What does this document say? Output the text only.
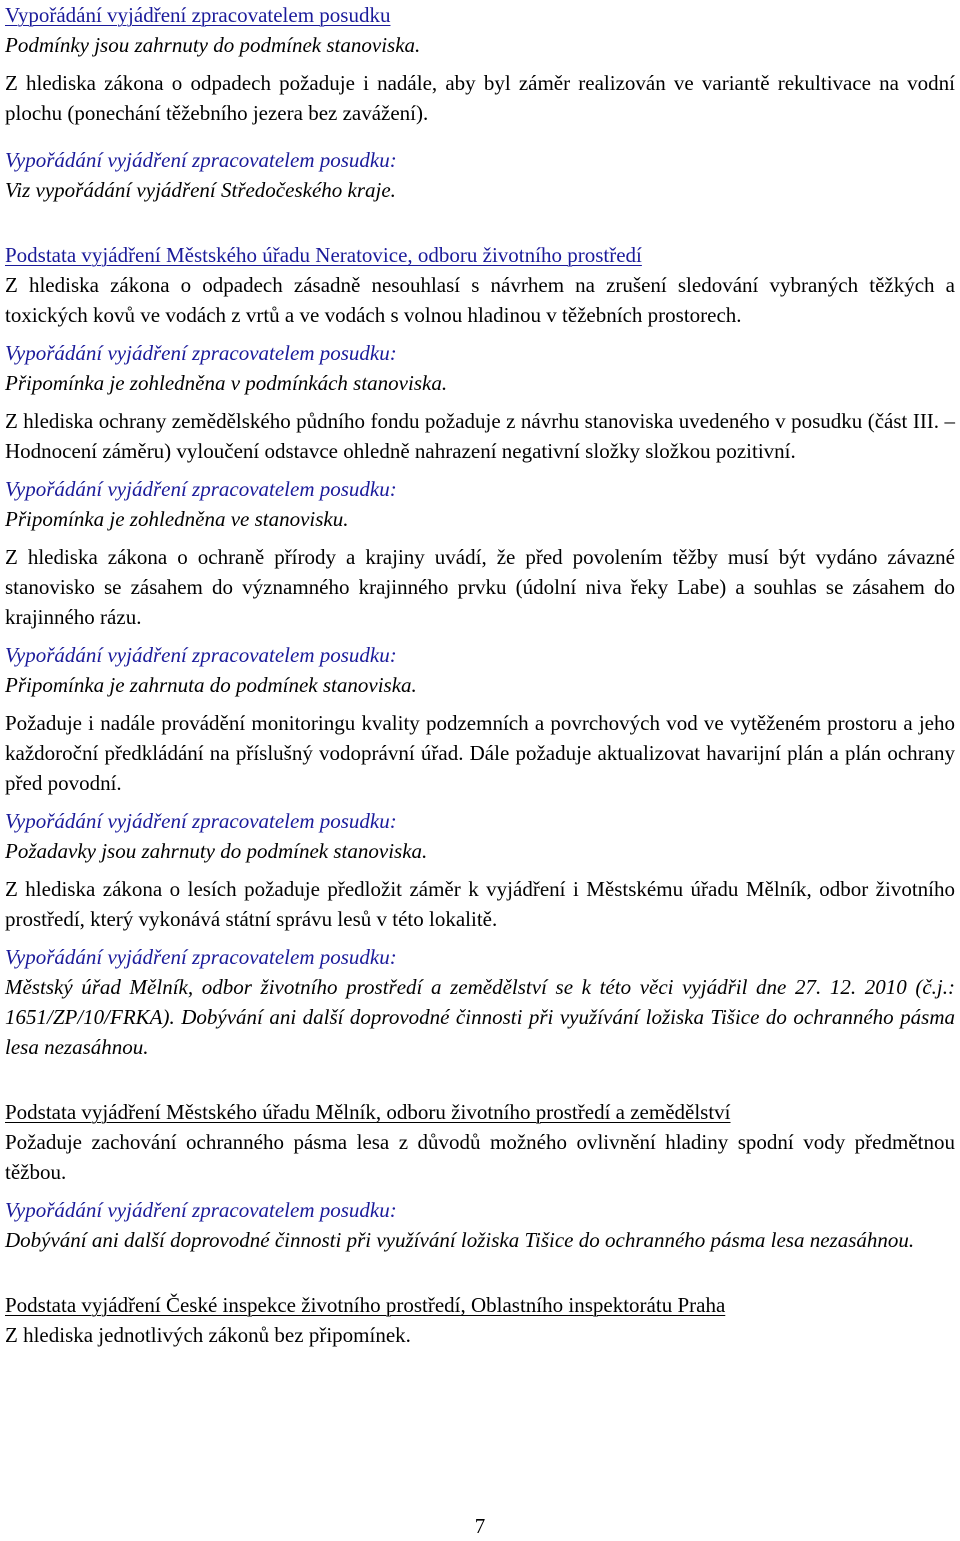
Vypořádání vyjádření zpracovatelem posudku

Podmínky jsou zahrnuty do podmínek stanoviska.

Z hlediska zákona o odpadech požaduje i nadále, aby byl záměr realizován ve variantě rekultivace na vodní plochu (ponechání těžebního jezera bez zavážení).

Vypořádání vyjádření zpracovatelem posudku:

Viz vypořádání vyjádření Středočeského kraje.

Podstata vyjádření Městského úřadu Neratovice, odboru životního prostředí

Z hlediska zákona o odpadech zásadně nesouhlasí s návrhem na zrušení sledování vybraných těžkých a toxických kovů ve vodách z vrtů a ve vodách s volnou hladinou v těžebních prostorech.

Vypořádání vyjádření zpracovatelem posudku:

Připomínka je zohledněna v podmínkách stanoviska.

Z hlediska ochrany zemědělského půdního fondu požaduje z návrhu stanoviska uvedeného v posudku (část III. – Hodnocení záměru) vyloučení odstavce ohledně nahrazení negativní složky složkou pozitivní.

Vypořádání vyjádření zpracovatelem posudku:

Připomínka je zohledněna ve stanovisku.

Z hlediska zákona o ochraně přírody a krajiny uvádí, že před povolením těžby musí být vydáno závazné stanovisko se zásahem do významného krajinného prvku (údolní niva řeky Labe) a souhlas se zásahem do krajinného rázu.

Vypořádání vyjádření zpracovatelem posudku:

Připomínka je zahrnuta do podmínek stanoviska.

Požaduje i nadále provádění monitoringu kvality podzemních a povrchových vod ve vytěženém prostoru a jeho každoroční předkládání na příslušný vodoprávní úřad. Dále požaduje aktualizovat havarijní plán a plán ochrany před povodní.

Vypořádání vyjádření zpracovatelem posudku:

Požadavky jsou zahrnuty do podmínek stanoviska.

Z hlediska zákona o lesích požaduje předložit záměr k vyjádření i Městskému úřadu Mělník, odbor životního prostředí, který vykonává státní správu lesů v této lokalitě.

Vypořádání vyjádření zpracovatelem posudku:

Městský úřad Mělník, odbor životního prostředí a zemědělství se k této věci vyjádřil dne 27. 12. 2010 (č.j.: 1651/ZP/10/FRKA). Dobývání ani další doprovodné činnosti při využívání ložiska Tišice do ochranného pásma lesa nezasáhnou.

Podstata vyjádření Městského úřadu Mělník, odboru životního prostředí a zemědělství

Požaduje zachování ochranného pásma lesa z důvodů možného ovlivnění hladiny spodní vody předmětnou těžbou.

Vypořádání vyjádření zpracovatelem posudku:

Dobývání ani další doprovodné činnosti při využívání ložiska Tišice do ochranného pásma lesa nezasáhnou.

Podstata vyjádření České inspekce životního prostředí, Oblastního inspektorátu Praha

Z hlediska jednotlivých zákonů bez připomínek.

7
